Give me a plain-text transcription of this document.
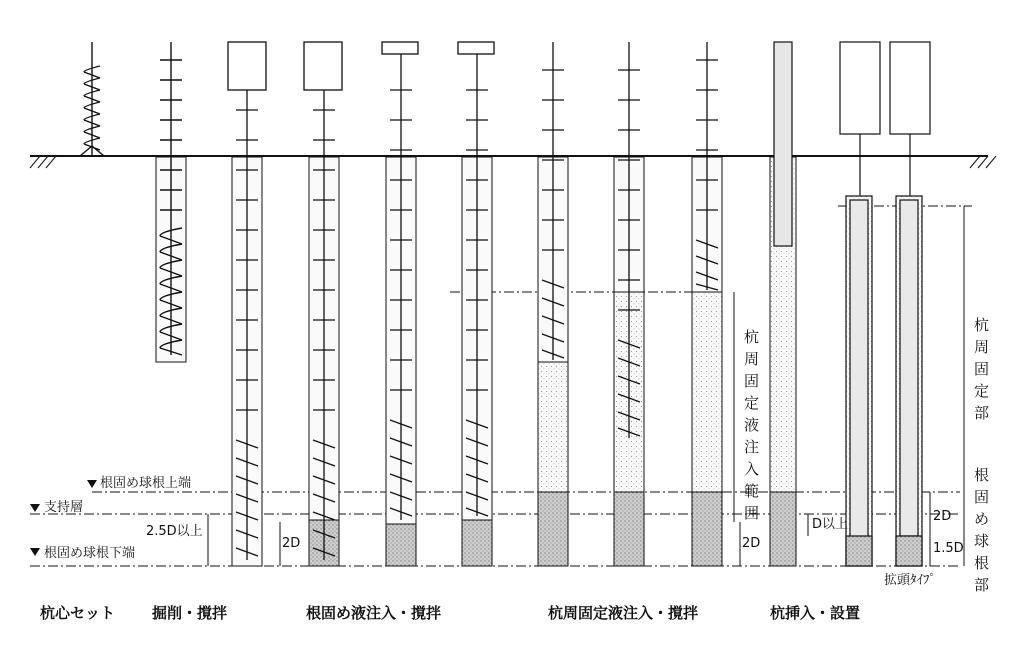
根固め球根上端
支持層
根固め球根下端
2.5D以上
2D	2D
D以上
2D
1.5D
杭
周
固
定
液
注
入
範
囲
杭
周
固
定
部
根
固
め
球
根
部
拡頭ﾀｲﾌﾟ
杭心セット 掘削・撹拌	根固め液注入・撹拌	杭周固定液注入・撹拌	杭挿入・設置
